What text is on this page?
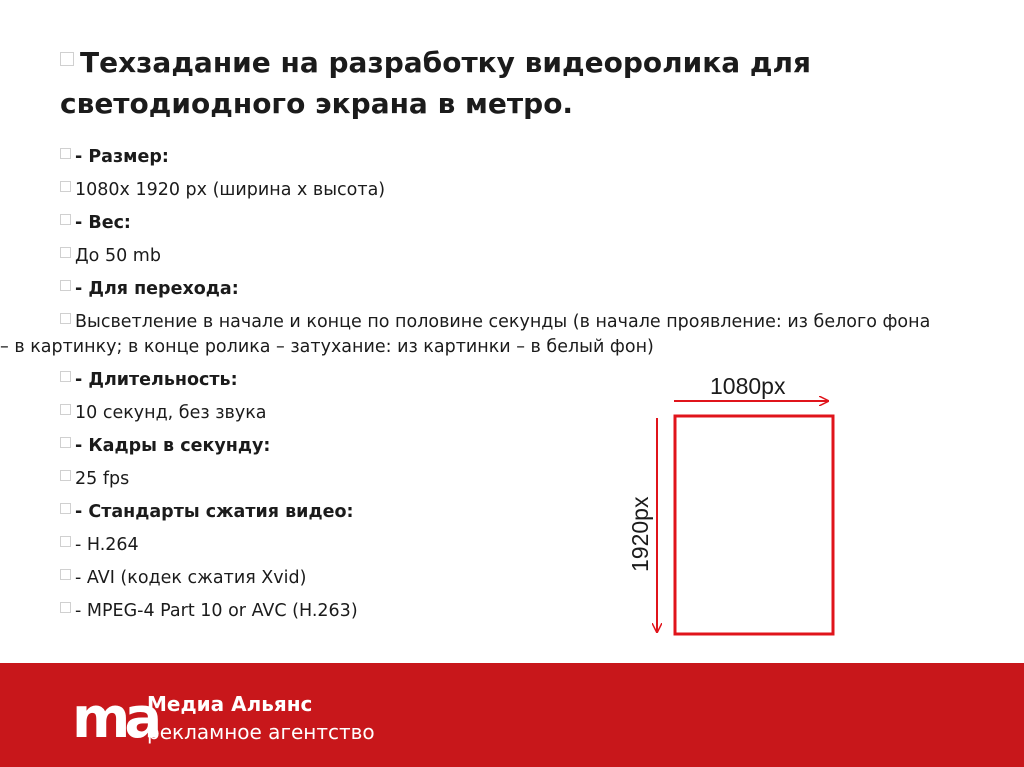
Техзадание на разработку видеоролика для светодиодного экрана в метро.
- Размер:
1080х 1920 px (ширина х высота)
- Вес:
До 50 mb
- Для перехода:
Высветление в начале и конце по половине секунды (в начале проявление: из белого фона
– в картинку; в конце ролика – затухание: из картинки – в белый фон)
- Длительность:
10 секунд, без звука
- Кадры в секунду:
25 fps
- Стандарты сжатия видео:
- H.264
- AVI (кодек сжатия Xvid)
- MPEG-4 Part 10 or AVC (H.263)
1080px
1920px
ma

Медиа Альянс

рекламное агентство
